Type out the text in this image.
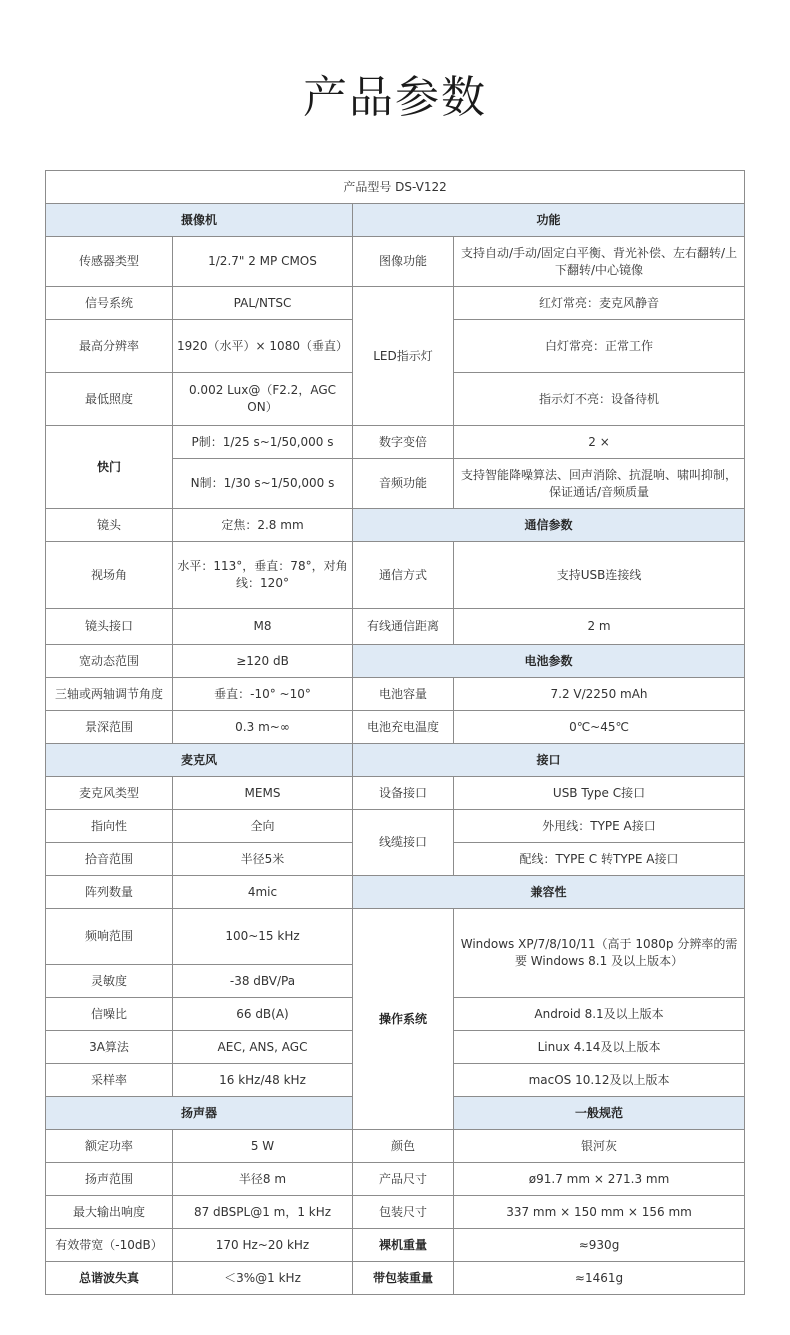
产品参数
产品型号 DS-V122			
摄像机		功能	
传感器类型	1/2.7" 2 MP CMOS	图像功能	支持自动/手动/固定白平衡、背光补偿、左右翻转/上下翻转/中心镜像
信号系统	PAL/NTSC	LED指示灯	红灯常亮：麦克风静音
最高分辨率	1920（水平）× 1080（垂直）		白灯常亮：正常工作
最低照度	0.002 Lux@（F2.2，AGC ON）		指示灯不亮：设备待机
快门	P制：1/25 s~1/50,000 s	数字变倍	2 ×
	N制：1/30 s~1/50,000 s	音频功能	支持智能降噪算法、回声消除、抗混响、啸叫抑制，保证通话/音频质量
镜头	定焦：2.8 mm	通信参数	
视场角	水平：113°，垂直：78°，对角线：120°	通信方式	支持USB连接线
镜头接口	M8	有线通信距离	2 m
宽动态范围	≥120 dB	电池参数	
三轴或两轴调节角度	垂直：-10° ~10°	电池容量	7.2 V/2250 mAh
景深范围	0.3 m~∞	电池充电温度	0℃~45℃
麦克风		接口	
麦克风类型	MEMS	设备接口	USB Type C接口
指向性	全向	线缆接口	外甩线：TYPE A接口
拾音范围	半径5米		配线：TYPE C 转TYPE A接口
阵列数量	4mic	兼容性	
频响范围	100~15 kHz	操作系统	Windows XP/7/8/10/11（高于 1080p 分辨率的需要 Windows 8.1 及以上版本）
灵敏度	-38 dBV/Pa		
信噪比	66 dB(A)		Android 8.1及以上版本
3A算法	AEC, ANS, AGC		Linux 4.14及以上版本
采样率	16 kHz/48 kHz		macOS 10.12及以上版本
扬声器			一般规范
额定功率	5 W	颜色	银河灰
扬声范围	半径8 m	产品尺寸	ø91.7 mm × 271.3 mm
最大输出响度	87 dBSPL@1 m，1 kHz	包装尺寸	337 mm × 150 mm × 156 mm
有效带宽（-10dB）	170 Hz~20 kHz	裸机重量	≈930g
总谐波失真	＜3%@1 kHz	带包装重量	≈1461g
